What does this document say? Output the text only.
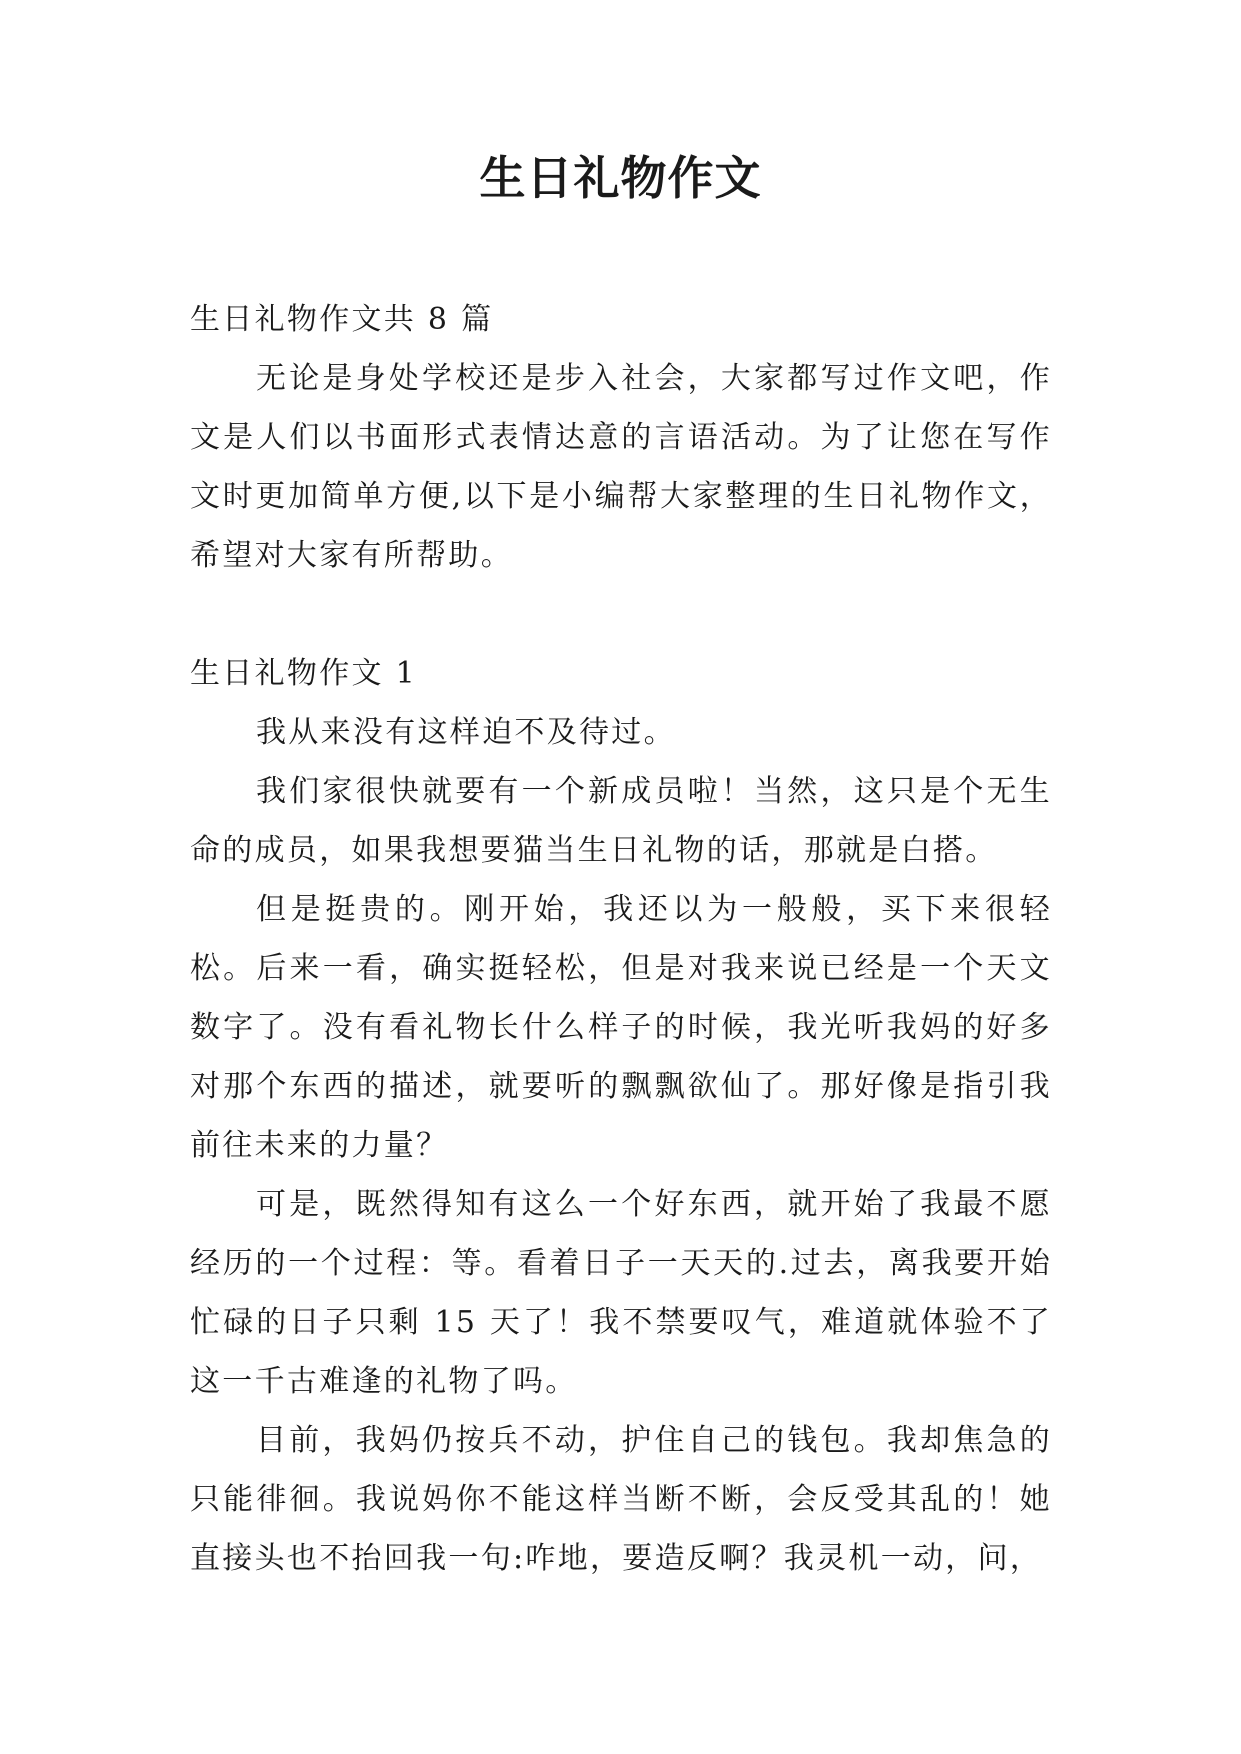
生日礼物作文

生日礼物作文共 8 篇

无论是身处学校还是步入社会，大家都写过作文吧，作文是人们以书面形式表情达意的言语活动。为了让您在写作文时更加简单方便,以下是小编帮大家整理的生日礼物作文，希望对大家有所帮助。

生日礼物作文 1

我从来没有这样迫不及待过。

我们家很快就要有一个新成员啦！当然，这只是个无生命的成员，如果我想要猫当生日礼物的话，那就是白搭。

但是挺贵的。刚开始，我还以为一般般，买下来很轻松。后来一看，确实挺轻松，但是对我来说已经是一个天文数字了。没有看礼物长什么样子的时候，我光听我妈的好多对那个东西的描述，就要听的飘飘欲仙了。那好像是指引我前往未来的力量？

可是，既然得知有这么一个好东西，就开始了我最不愿经历的一个过程：等。看着日子一天天的.过去，离我要开始忙碌的日子只剩 15 天了！我不禁要叹气，难道就体验不了这一千古难逢的礼物了吗。

目前，我妈仍按兵不动，护住自己的钱包。我却焦急的只能徘徊。我说妈你不能这样当断不断，会反受其乱的！她直接头也不抬回我一句:咋地，要造反啊？我灵机一动，问，
